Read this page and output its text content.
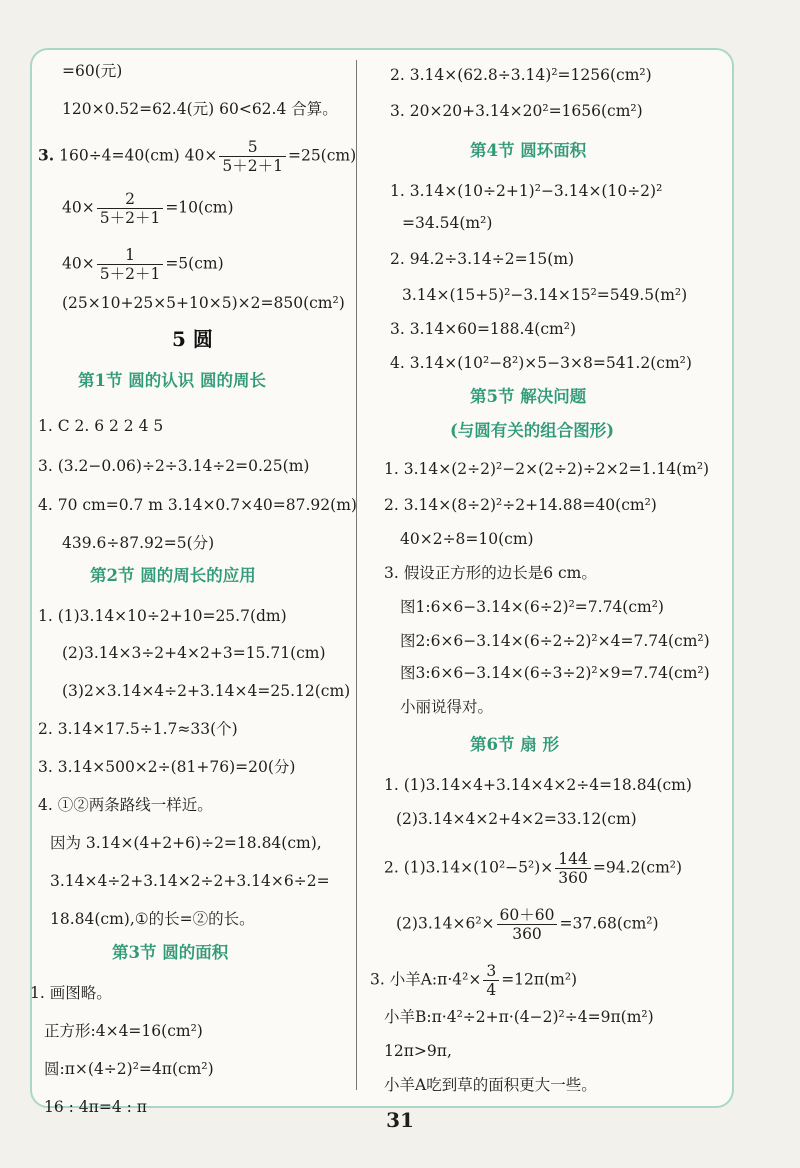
=60(元)
120×0.52=62.4(元) 60<62.4 合算。
3. 160÷4=40(cm) $40\times \frac{5}{5+2+1} =25(cm)$
$40\times \frac{2}{5+2+1} =10(cm)$
$40\times \frac{1}{5+2+1} =5(cm)$
(25×10+25×5+10×5)×2=850(cm²)
5 圆
第1节 圆的认识 圆的周长
1. C 2. 6 2 2 4 5
3. (3.2−0.06)÷2÷3.14÷2=0.25(m)
4. 70 cm=0.7 m 3.14×0.7×40=87.92(m)
439.6÷87.92=5(分)
第2节 圆的周长的应用
1. (1)3.14×10÷2+10=25.7(dm)
(2)3.14×3÷2+4×2+3=15.71(cm)
(3)2×3.14×4÷2+3.14×4=25.12(cm)
2. 3.14×17.5÷1.7≈33(个)
3. 3.14×500×2÷(81+76)=20(分)
4. ①②两条路线一样近。
因为 3.14×(4+2+6)÷2=18.84(cm),
3.14×4÷2+3.14×2÷2+3.14×6÷2=
18.84(cm),①的长=②的长。
第3节 圆的面积
1. 画图略。
正方形:4×4=16(cm²)
圆:π×(4÷2)²=4π(cm²)
16 : 4π=4 : π
2. 3.14×(62.8÷3.14)²=1256(cm²)
3. 20×20+3.14×20²=1656(cm²)
第4节 圆环面积
1. 3.14×(10÷2+1)²−3.14×(10÷2)²
=34.54(m²)
2. 94.2÷3.14÷2=15(m)
3.14×(15+5)²−3.14×15²=549.5(m²)
3. 3.14×60=188.4(cm²)
4. 3.14×(10²−8²)×5−3×8=541.2(cm²)
第5节 解决问题
(与圆有关的组合图形)
1. 3.14×(2÷2)²−2×(2÷2)÷2×2=1.14(m²)
2. 3.14×(8÷2)²÷2+14.88=40(cm²)
40×2÷8=10(cm)
3. 假设正方形的边长是6 cm。
图1:6×6−3.14×(6÷2)²=7.74(cm²)
图2:6×6−3.14×(6÷2÷2)²×4=7.74(cm²)
图3:6×6−3.14×(6÷3÷2)²×9=7.74(cm²)
小丽说得对。
第6节 扇 形
1. (1)3.14×4+3.14×4×2÷4=18.84(cm)
(2)3.14×4×2+4×2=33.12(cm)
2. $(1)3.14\times(10^2-5^2)\times \frac{144}{360} =94.2(cm^2)$
$(2)3.14\times 6^2\times \frac{60+60}{360} =37.68(cm^2)$
3. 小羊A:π·4²× $\frac{3}{4} =12\pi(m^2)$
小羊B:π·4²÷2+π·(4−2)²÷4=9π(m²)
12π>9π,
小羊A吃到草的面积更大一些。
31
